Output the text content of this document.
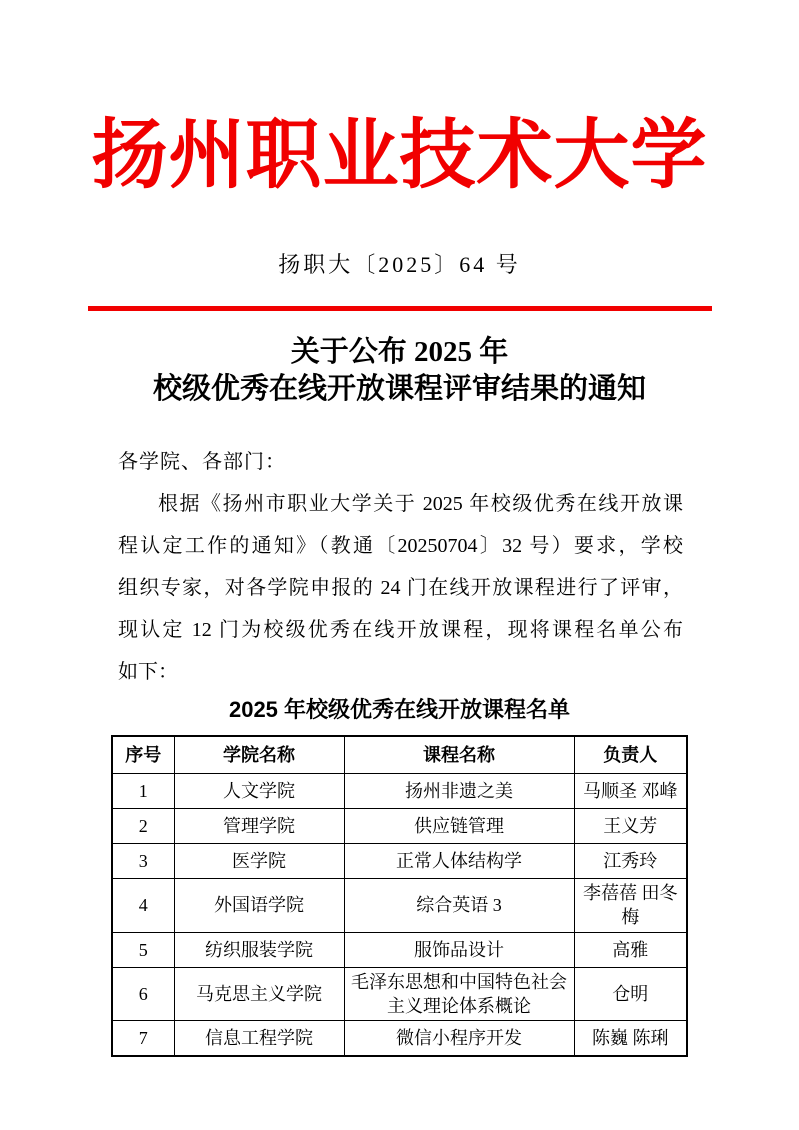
扬州职业技术大学
扬职大〔2025〕64 号
关于公布 2025 年
校级优秀在线开放课程评审结果的通知
各学院、各部门：
根据《扬州市职业大学关于 2025 年校级优秀在线开放课
程认定工作的通知》（教通〔20250704〕32 号）要求，学校
组织专家，对各学院申报的 24 门在线开放课程进行了评审，
现认定 12 门为校级优秀在线开放课程，现将课程名单公布
如下：
2025 年校级优秀在线开放课程名单
序号	学院名称	课程名称	负责人
1	人文学院	扬州非遗之美	马顺圣 邓峰
2	管理学院	供应链管理	王义芳
3	医学院	正常人体结构学	江秀玲
4	外国语学院	综合英语 3	李蓓蓓 田冬梅
5	纺织服装学院	服饰品设计	高雅
6	马克思主义学院	毛泽东思想和中国特色社会主义理论体系概论	仓明
7	信息工程学院	微信小程序开发	陈巍 陈琍
